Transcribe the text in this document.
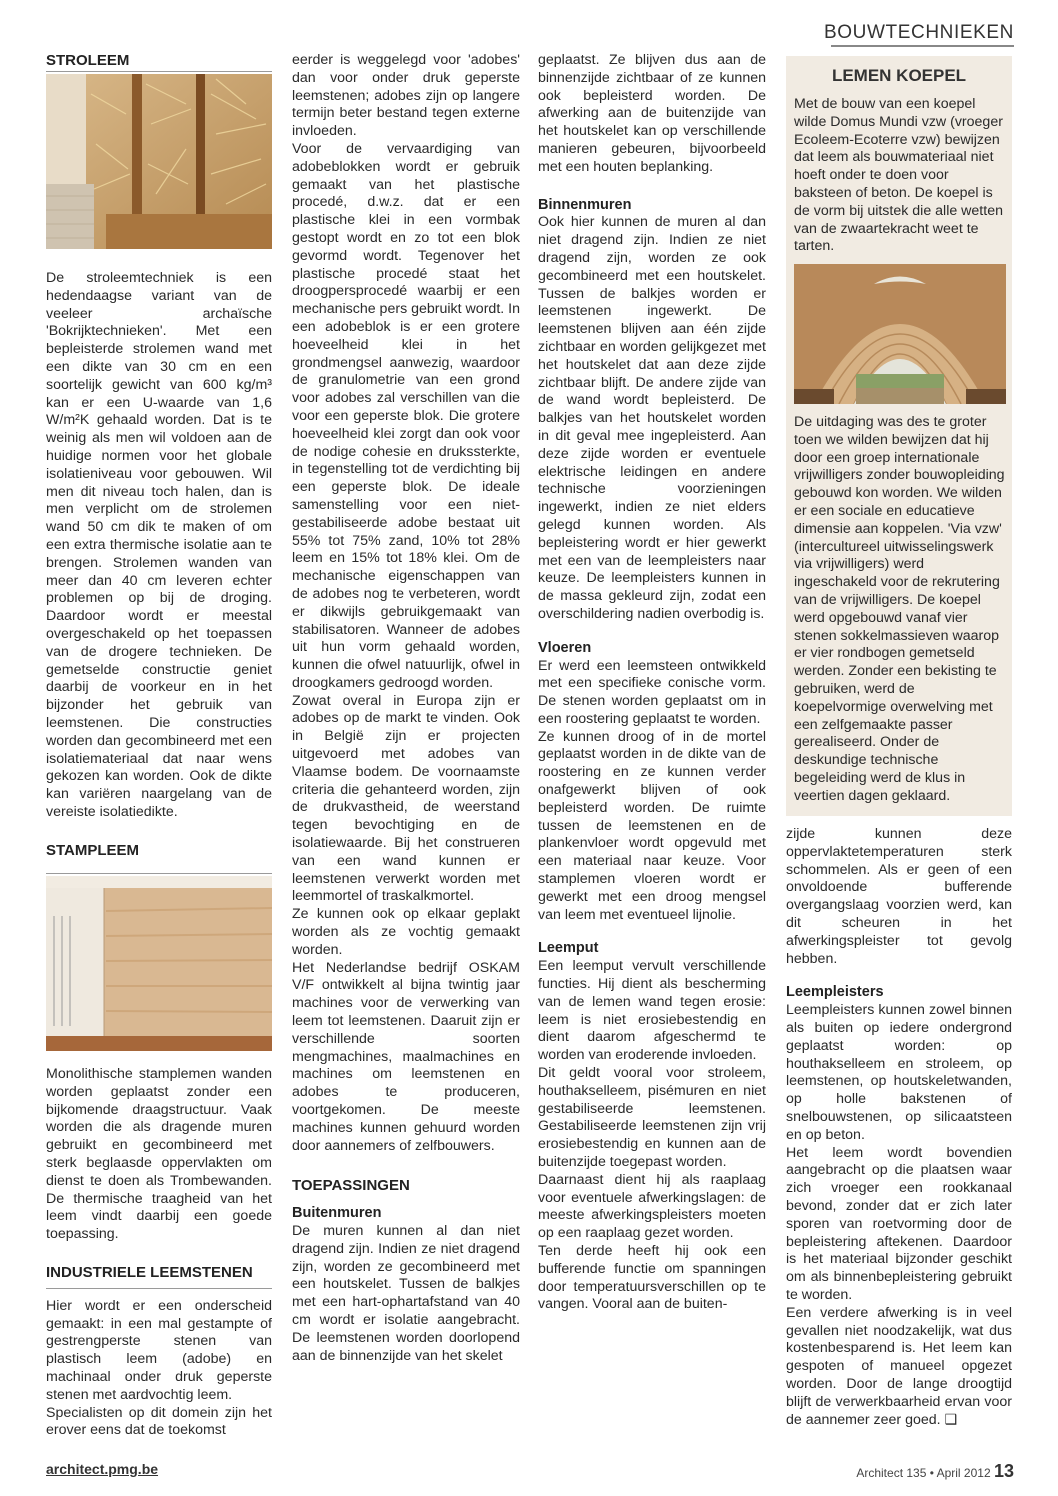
BOUWTECHNIEKEN

STROLEEM

De stroleemtechniek is een hedendaagse variant van de veeleer archaïsche 'Bokrijktechnieken'. Met een bepleisterde strolemen wand met een dikte van 30 cm en een soortelijk gewicht van 600 kg/m³ kan er een U-waarde van 1,6 W/m²K gehaald worden. Dat is te weinig als men wil voldoen aan de huidige normen voor het globale isolatieniveau voor gebouwen. Wil men dit niveau toch halen, dan is men verplicht om de strolemen wand 50 cm dik te maken of om een extra thermische isolatie aan te brengen. Strolemen wanden van meer dan 40 cm leveren echter problemen op bij de droging. Daardoor wordt er meestal overgeschakeld op het toepassen van de drogere technieken. De gemetselde constructie geniet daarbij de voorkeur en in het bijzonder het gebruik van leemstenen. Die constructies worden dan gecombineerd met een isolatiemateriaal dat naar wens gekozen kan worden. Ook de dikte kan variëren naargelang van de vereiste isolatiedikte.

STAMPLEEM

Monolithische stamplemen wanden worden geplaatst zonder een bijkomende draagstructuur. Vaak worden die als dragende muren gebruikt en gecombineerd met sterk beglaasde oppervlakten om dienst te doen als Trombewanden. De thermische traagheid van het leem vindt daarbij een goede toepassing.

INDUSTRIELE LEEMSTENEN

Hier wordt er een onderscheid gemaakt: in een mal gestampte of gestrengperste stenen van plastisch leem (adobe) en machinaal onder druk geperste stenen met aardvochtig leem.

Specialisten op dit domein zijn het erover eens dat de toekomst

eerder is weggelegd voor 'adobes' dan voor onder druk geperste leemstenen; adobes zijn op langere termijn beter bestand tegen externe invloeden.

Voor de vervaardiging van adobeblokken wordt er gebruik gemaakt van het plastische procedé, d.w.z. dat er een plastische klei in een vormbak gestopt wordt en zo tot een blok gevormd wordt. Tegenover het plastische procedé staat het droogpersprocedé waarbij er een mechanische pers gebruikt wordt. In een adobeblok is er een grotere hoeveelheid klei in het grondmengsel aanwezig, waardoor de granulometrie van een grond voor adobes zal verschillen van die voor een geperste blok. Die grotere hoeveelheid klei zorgt dan ook voor de nodige cohesie en drukssterkte, in tegenstelling tot de verdichting bij een geperste blok. De ideale samenstelling voor een niet-gestabiliseerde adobe bestaat uit 55% tot 75% zand, 10% tot 28% leem en 15% tot 18% klei. Om de mechanische eigenschappen van de adobes nog te verbeteren, wordt er dikwijls gebruikgemaakt van stabilisatoren. Wanneer de adobes uit hun vorm gehaald worden, kunnen die ofwel natuurlijk, ofwel in droogkamers gedroogd worden.

Zowat overal in Europa zijn er adobes op de markt te vinden. Ook in België zijn er projecten uitgevoerd met adobes van Vlaamse bodem. De voornaamste criteria die gehanteerd worden, zijn de drukvastheid, de weerstand tegen bevochtiging en de isolatiewaarde. Bij het construeren van een wand kunnen er leemstenen verwerkt worden met leemmortel of traskalkmortel.

Ze kunnen ook op elkaar geplakt worden als ze vochtig gemaakt worden.

Het Nederlandse bedrijf OSKAM V/F ontwikkelt al bijna twintig jaar machines voor de verwerking van leem tot leemstenen. Daaruit zijn er verschillende soorten mengmachines, maalmachines en machines om leemstenen en adobes te produceren, voortgekomen. De meeste machines kunnen gehuurd worden door aannemers of zelfbouwers.

TOEPASSINGEN

Buitenmuren

De muren kunnen al dan niet dragend zijn. Indien ze niet dragend zijn, worden ze gecombineerd met een houtskelet. Tussen de balkjes met een hart-ophartafstand van 40 cm wordt er isolatie aangebracht. De leemstenen worden doorlopend aan de binnenzijde van het skelet

geplaatst. Ze blijven dus aan de binnenzijde zichtbaar of ze kunnen ook bepleisterd worden. De afwerking aan de buitenzijde van het houtskelet kan op verschillende manieren gebeuren, bijvoorbeeld met een houten beplanking.

Binnenmuren

Ook hier kunnen de muren al dan niet dragend zijn. Indien ze niet dragend zijn, worden ze ook gecombineerd met een houtskelet. Tussen de balkjes worden er leemstenen ingewerkt. De leemstenen blijven aan één zijde zichtbaar en worden gelijkgezet met het houtskelet dat aan deze zijde zichtbaar blijft. De andere zijde van de wand wordt bepleisterd. De balkjes van het houtskelet worden in dit geval mee ingepleisterd. Aan deze zijde worden er eventuele elektrische leidingen en andere technische voorzieningen ingewerkt, indien ze niet elders gelegd kunnen worden. Als bepleistering wordt er hier gewerkt met een van de leempleisters naar keuze. De leempleisters kunnen in de massa gekleurd zijn, zodat een overschildering nadien overbodig is.

Vloeren

Er werd een leemsteen ontwikkeld met een specifieke conische vorm. De stenen worden geplaatst om in een roostering geplaatst te worden.

Ze kunnen droog of in de mortel geplaatst worden in de dikte van de roostering en ze kunnen verder onafgewerkt blijven of ook bepleisterd worden. De ruimte tussen de leemstenen en de plankenvloer wordt opgevuld met een materiaal naar keuze. Voor stamplemen vloeren wordt er gewerkt met een droog mengsel van leem met eventueel lijnolie.

Leemput

Een leemput vervult verschillende functies. Hij dient als bescherming van de lemen wand tegen erosie: leem is niet erosiebestendig en dient daarom afgeschermd te worden van eroderende invloeden.

Dit geldt vooral voor stroleem, houthakselleem, pisémuren en niet gestabiliseerde leemstenen. Gestabiliseerde leemstenen zijn vrij erosiebestendig en kunnen aan de buitenzijde toegepast worden.

Daarnaast dient hij als raaplaag voor eventuele afwerkingslagen: de meeste afwerkingspleisters moeten op een raaplaag gezet worden.

Ten derde heeft hij ook een bufferende functie om spanningen door temperatuursverschillen op te vangen. Vooral aan de buiten-

LEMEN KOEPEL
Met de bouw van een koepel wilde Domus Mundi vzw (vroeger Ecoleem-Ecoterre vzw) bewijzen dat leem als bouwmateriaal niet hoeft onder te doen voor baksteen of beton. De koepel is de vorm bij uitstek die alle wetten van de zwaartekracht weet te tarten.
De uitdaging was des te groter toen we wilden bewijzen dat hij door een groep internationale vrijwilligers zonder bouwopleiding gebouwd kon worden. We wilden er een sociale en educatieve dimensie aan koppelen. 'Via vzw' (intercultureel uitwisselingswerk via vrijwilligers) werd ingeschakeld voor de rekrutering van de vrijwilligers. De koepel werd opgebouwd vanaf vier stenen sokkelmassieven waarop er vier rondbogen gemetseld werden. Zonder een bekisting te gebruiken, werd de koepelvormige overwelving met een zelfgemaakte passer gerealiseerd. Onder de deskundige technische begeleiding werd de klus in veertien dagen geklaard.

zijde kunnen deze oppervlaktetemperaturen sterk schommelen. Als er geen of een onvoldoende bufferende overgangslaag voorzien werd, kan dit scheuren in het afwerkingspleister tot gevolg hebben.

Leempleisters

Leempleisters kunnen zowel binnen als buiten op iedere ondergrond geplaatst worden: op houthakselleem en stroleem, op leemstenen, op houtskeletwanden, op holle bakstenen of snelbouwstenen, op silicaatsteen en op beton.

Het leem wordt bovendien aangebracht op die plaatsen waar zich vroeger een rookkanaal bevond, zonder dat er zich later sporen van roetvorming door de bepleistering aftekenen. Daardoor is het materiaal bijzonder geschikt om als binnenbepleistering gebruikt te worden.

Een verdere afwerking is in veel gevallen niet noodzakelijk, wat dus kostenbesparend is. Het leem kan gespoten of manueel opgezet worden. Door de lange droogtijd blijft de verwerkbaarheid ervan voor de aannemer zeer goed. ❑

architect.pmg.be	Architect 135 • April 2012 13
